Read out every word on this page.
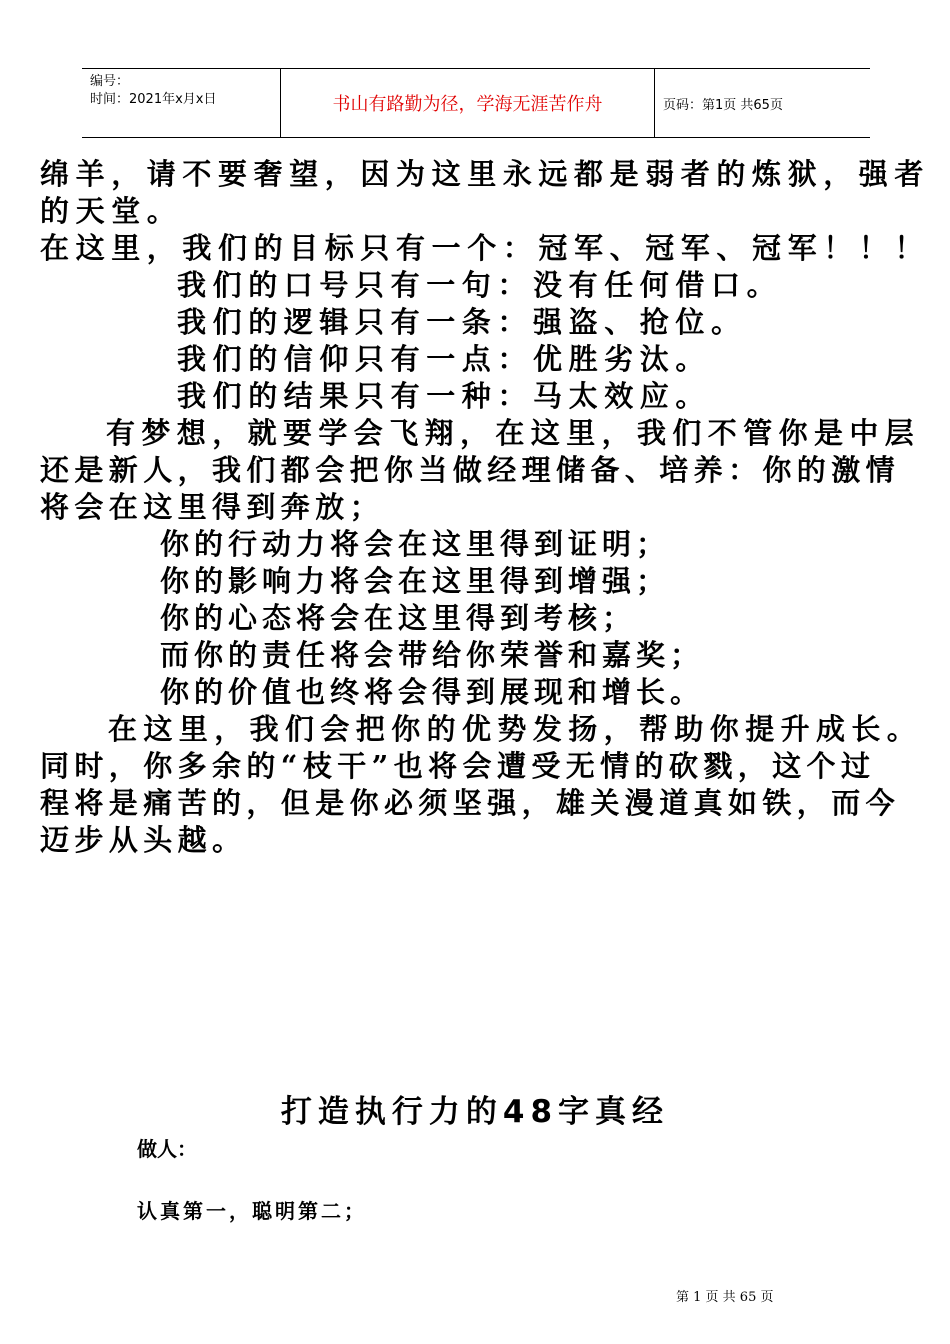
编号：
时间：2021年x月x日	书山有路勤为径，学海无涯苦作舟	页码：第1页 共65页
绵羊，请不要奢望，因为这里永远都是弱者的炼狱，强者
的天堂。
在这里，我们的目标只有一个：冠军、冠军、冠军！！！
我们的口号只有一句：没有任何借口。
我们的逻辑只有一条：强盗、抢位。
我们的信仰只有一点：优胜劣汰。
我们的结果只有一种：马太效应。
有梦想，就要学会飞翔，在这里，我们不管你是中层
还是新人，我们都会把你当做经理储备、培养：你的激情
将会在这里得到奔放；
你的行动力将会在这里得到证明；
你的影响力将会在这里得到增强；
你的心态将会在这里得到考核；
而你的责任将会带给你荣誉和嘉奖；
你的价值也终将会得到展现和增长。
在这里，我们会把你的优势发扬，帮助你提升成长。
同时，你多余的“枝干”也将会遭受无情的砍戮，这个过
程将是痛苦的，但是你必须坚强，雄关漫道真如铁，而今
迈步从头越。
打造执行力的48字真经
做人：
认真第一，聪明第二；
第 1 页 共 65 页
